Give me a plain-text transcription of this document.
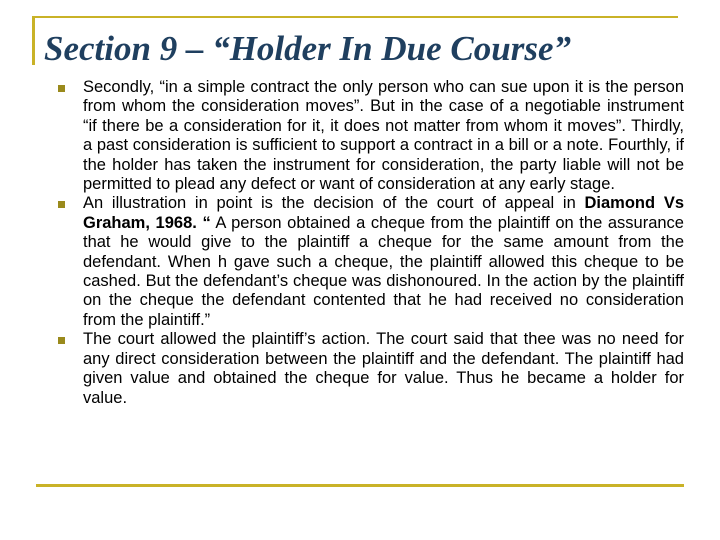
Section 9 – “Holder In Due Course”
Secondly, “in a simple contract the only person who can sue upon it is the person from whom the consideration moves”. But in the case of a negotiable instrument “if there be a consideration for it, it does not matter from whom it moves”. Thirdly, a past consideration is sufficient to support a contract in a bill or a note. Fourthly, if the holder has taken the instrument for consideration, the party liable will not be permitted to plead any defect or want of consideration at any early stage.
An illustration in point is the decision of the court of appeal in Diamond Vs Graham, 1968. “ A person obtained a cheque from the plaintiff on the assurance that he would give to the plaintiff a cheque for the same amount from the defendant. When h gave such a cheque, the plaintiff allowed this cheque to be cashed. But the defendant’s cheque was dishonoured. In the action by the plaintiff on the cheque the defendant contented that he had received no consideration from the plaintiff.”
The court allowed the plaintiff’s action. The court said that thee was no need for any direct consideration between the plaintiff and the defendant. The plaintiff had given value and obtained the cheque for value. Thus he became a holder for value.
